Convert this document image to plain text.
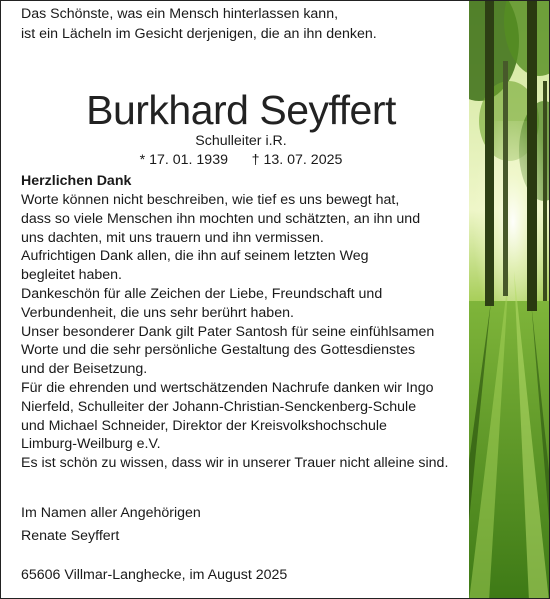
Das Schönste, was ein Mensch hinterlassen kann,
ist ein Lächeln im Gesicht derjenigen, die an ihn denken.
Burkhard Seyffert
Schulleiter i.R.
* 17. 01. 1939 † 13. 07. 2025
Herzlichen Dank
Worte können nicht beschreiben, wie tief es uns bewegt hat,
dass so viele Menschen ihn mochten und schätzten, an ihn und
uns dachten, mit uns trauern und ihn vermissen.
Aufrichtigen Dank allen, die ihn auf seinem letzten Weg
begleitet haben.
Dankeschön für alle Zeichen der Liebe, Freundschaft und
Verbundenheit, die uns sehr berührt haben.
Unser besonderer Dank gilt Pater Santosh für seine einfühlsamen
Worte und die sehr persönliche Gestaltung des Gottesdienstes
und der Beisetzung.
Für die ehrenden und wertschätzenden Nachrufe danken wir Ingo
Nierfeld, Schulleiter der Johann-Christian-Senckenberg-Schule
und Michael Schneider, Direktor der Kreisvolkshochschule
Limburg-Weilburg e.V.
Es ist schön zu wissen, dass wir in unserer Trauer nicht alleine sind.
Im Namen aller Angehörigen
Renate Seyffert
65606 Villmar-Langhecke, im August 2025
